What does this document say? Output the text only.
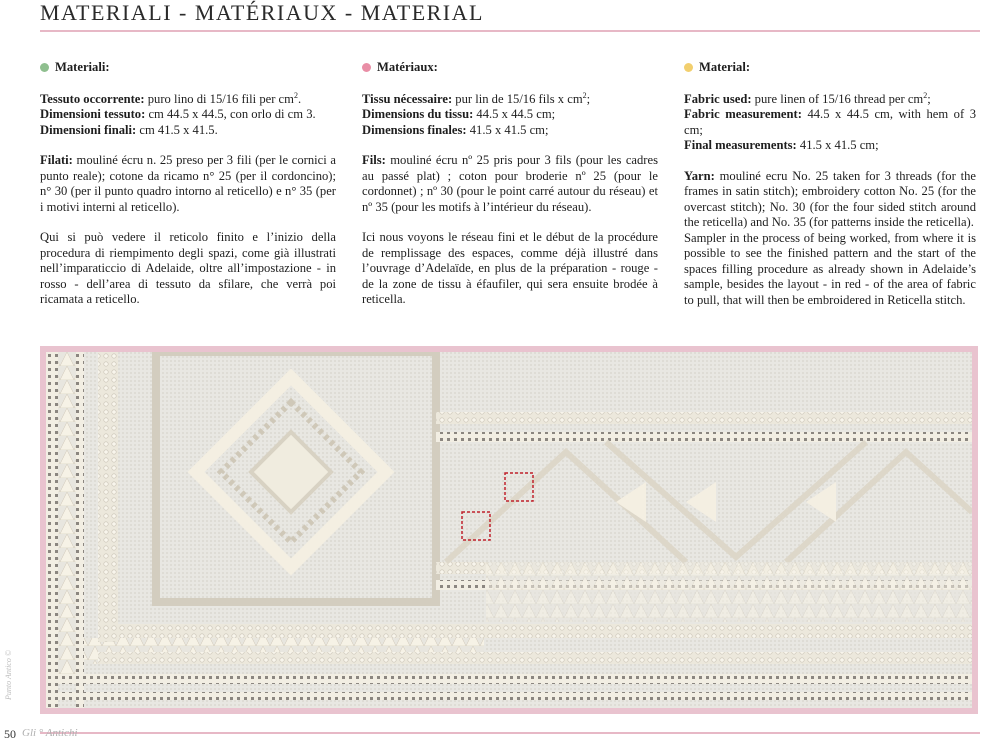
MATERIALI - MATÉRIAUX - MATERIAL
Materiali:
Tessuto occorrente: puro lino di 15/16 fili per $cm^2$.
Dimensioni tessuto: cm 44.5 x 44.5, con orlo di cm 3.
Dimensioni finali: cm 41.5 x 41.5.

Filati: mouliné écru n. 25 preso per 3 fili (per le cornici a punto reale); cotone da ricamo n° 25 (per il cordoncino); n° 30 (per il punto quadro intorno al reticello) e n° 35 (per i motivi interni al reticello).

Qui si può vedere il reticolo finito e l’inizio della procedura di riempimento degli spazi, come già illustrati nell’imparaticcio di Adelaide, oltre all’impostazione - in rosso - dell’area di tessuto da sfilare, che verrà poi ricamata a reticello.

Matériaux:
Tissu nécessaire: pur lin de 15/16 fils x $cm^2$;
Dimensions du tissu: 44.5 x 44.5 cm;
Dimensions finales: 41.5 x 41.5 cm;

Fils: mouliné écru nº 25 pris pour 3 fils (pour les cadres au passé plat) ; coton pour broderie nº 25 (pour le cordonnet) ; nº 30 (pour le point carré autour du réseau) et nº 35 (pour les motifs à l’intérieur du réseau).

Ici nous voyons le réseau fini et le début de la procédure de remplissage des espaces, comme déjà illustré dans l’ouvrage d’Adelaïde, en plus de la préparation - rouge - de la zone de tissu à éfaufiler, qui sera ensuite brodée à reticella.

Material:
Fabric used: pure linen of 15/16 thread per $cm^2$;
Fabric measurement: 44.5 x 44.5 cm, with hem of 3 cm;
Final measurements: 41.5 x 41.5 cm;

Yarn: mouliné ecru No. 25 taken for 3 threads (for the frames in satin stitch); embroidery cotton No. 25 (for the overcast stitch); No. 30 (for the four sided stitch around the reticella) and No. 35 (for patterns inside the reticella).

Sampler in the process of being worked, from where it is possible to see the finished pattern and the start of the spaces filling procedure as already shown in Adelaide’s sample, besides the layout - in red - of the area of fabric to pull, that will then be embroidered in Reticella stitch.

Punto Antico ©
50 Gli ° Antichi
